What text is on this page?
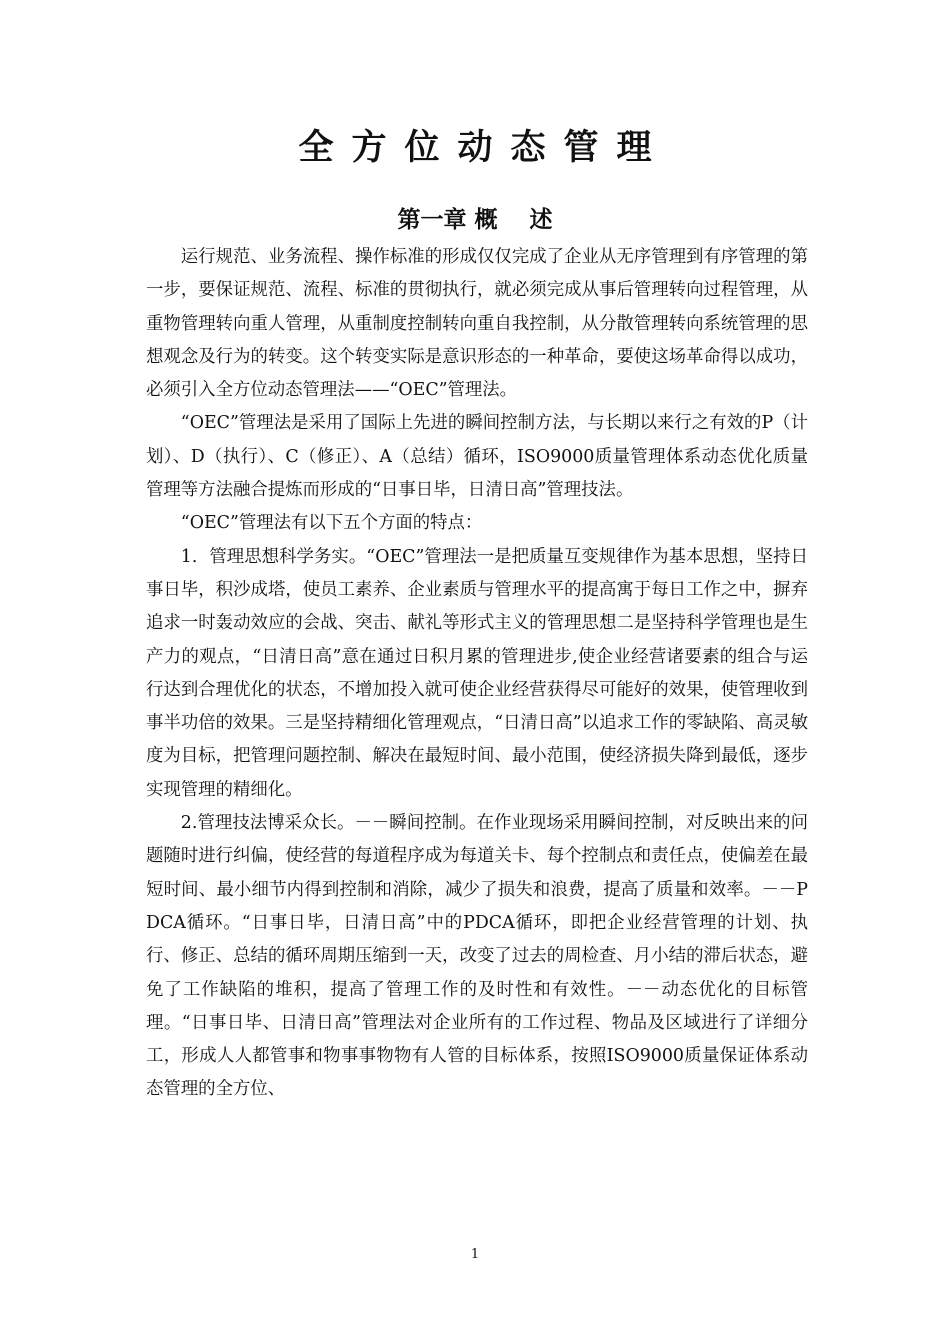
全方位动态管理
第一章 概    述

运行规范、业务流程、操作标准的形成仅仅完成了企业从无序管理到有序管理的第一步，要保证规范、流程、标准的贯彻执行，就必须完成从事后管理转向过程管理，从重物管理转向重人管理，从重制度控制转向重自我控制，从分散管理转向系统管理的思想观念及行为的转变。这个转变实际是意识形态的一种革命，要使这场革命得以成功，必须引入全方位动态管理法——“OEC”管理法。

“OEC”管理法是采用了国际上先进的瞬间控制方法，与长期以来行之有效的P（计划）、D（执行）、C（修正）、A（总结）循环，ISO9000质量管理体系动态优化质量管理等方法融合提炼而形成的“日事日毕，日清日高”管理技法。

“OEC”管理法有以下五个方面的特点：

1．管理思想科学务实。“OEC”管理法一是把质量互变规律作为基本思想，坚持日事日毕，积沙成塔，使员工素养、企业素质与管理水平的提高寓于每日工作之中，摒弃追求一时轰动效应的会战、突击、献礼等形式主义的管理思想二是坚持科学管理也是生产力的观点，“日清日高”意在通过日积月累的管理进步,使企业经营诸要素的组合与运行达到合理优化的状态，不增加投入就可使企业经营获得尽可能好的效果，使管理收到事半功倍的效果。三是坚持精细化管理观点，“日清日高”以追求工作的零缺陷、高灵敏度为目标，把管理问题控制、解决在最短时间、最小范围，使经济损失降到最低，逐步实现管理的精细化。

2.管理技法博采众长。－－瞬间控制。在作业现场采用瞬间控制，对反映出来的问题随时进行纠偏，使经营的每道程序成为每道关卡、每个控制点和责任点，使偏差在最短时间、最小细节内得到控制和消除，减少了损失和浪费，提高了质量和效率。－－PDCA循环。“日事日毕，日清日高”中的PDCA循环，即把企业经营管理的计划、执行、修正、总结的循环周期压缩到一天，改变了过去的周检查、月小结的滞后状态，避免了工作缺陷的堆积，提高了管理工作的及时性和有效性。－－动态优化的目标管理。“日事日毕、日清日高”管理法对企业所有的工作过程、物品及区域进行了详细分工，形成人人都管事和物事事物物有人管的目标体系，按照ISO9000质量保证体系动态管理的全方位、

1
